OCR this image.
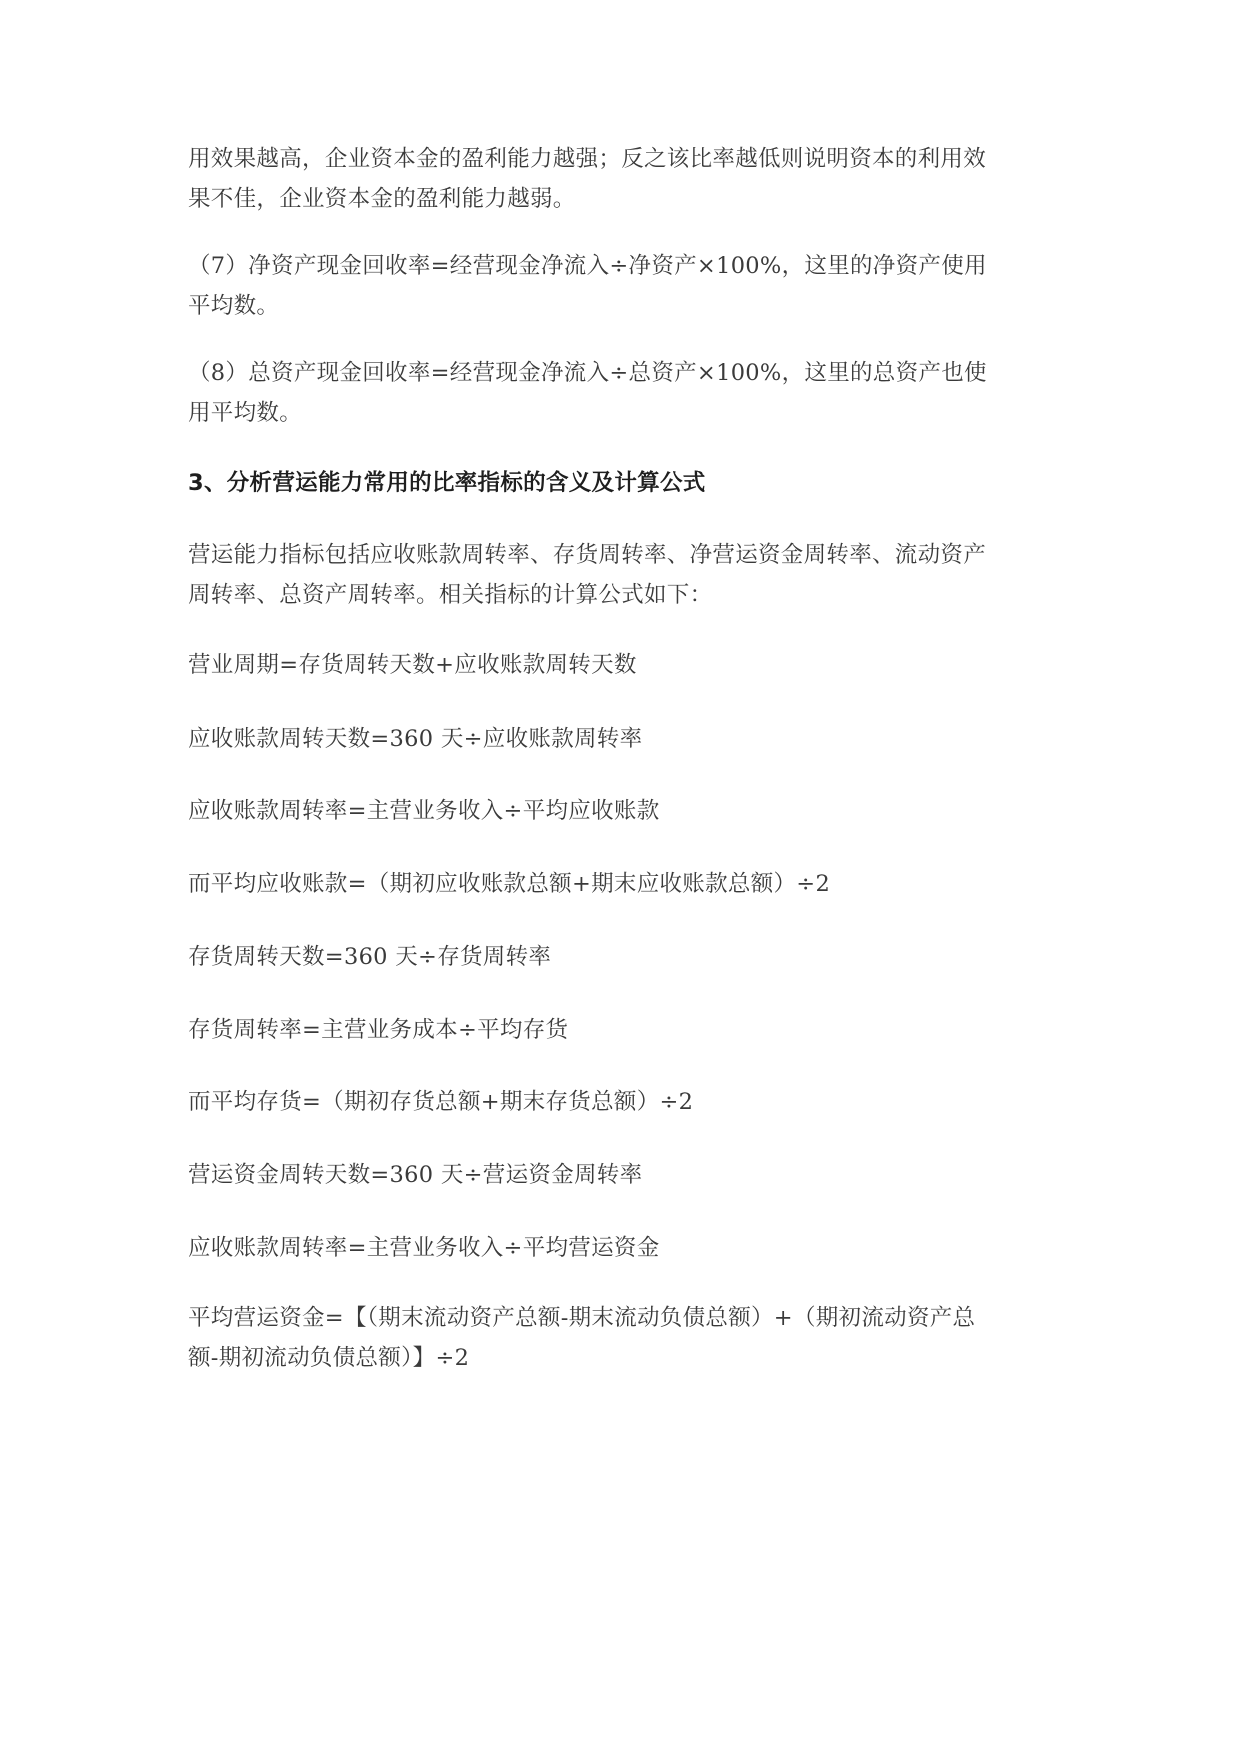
用效果越高，企业资本金的盈利能力越强；反之该比率越低则说明资本的利用效
果不佳，企业资本金的盈利能力越弱。

（7）净资产现金回收率=经营现金净流入÷净资产×100%，这里的净资产使用
平均数。

（8）总资产现金回收率=经营现金净流入÷总资产×100%，这里的总资产也使
用平均数。

3、分析营运能力常用的比率指标的含义及计算公式

营运能力指标包括应收账款周转率、存货周转率、净营运资金周转率、流动资产
周转率、总资产周转率。相关指标的计算公式如下：

营业周期=存货周转天数+应收账款周转天数

应收账款周转天数=360 天÷应收账款周转率

应收账款周转率=主营业务收入÷平均应收账款

而平均应收账款=（期初应收账款总额+期末应收账款总额）÷2

存货周转天数=360 天÷存货周转率

存货周转率=主营业务成本÷平均存货

而平均存货=（期初存货总额+期末存货总额）÷2

营运资金周转天数=360 天÷营运资金周转率

应收账款周转率=主营业务收入÷平均营运资金

平均营运资金=【（期末流动资产总额-期末流动负债总额）+（期初流动资产总
额-期初流动负债总额）】÷2
